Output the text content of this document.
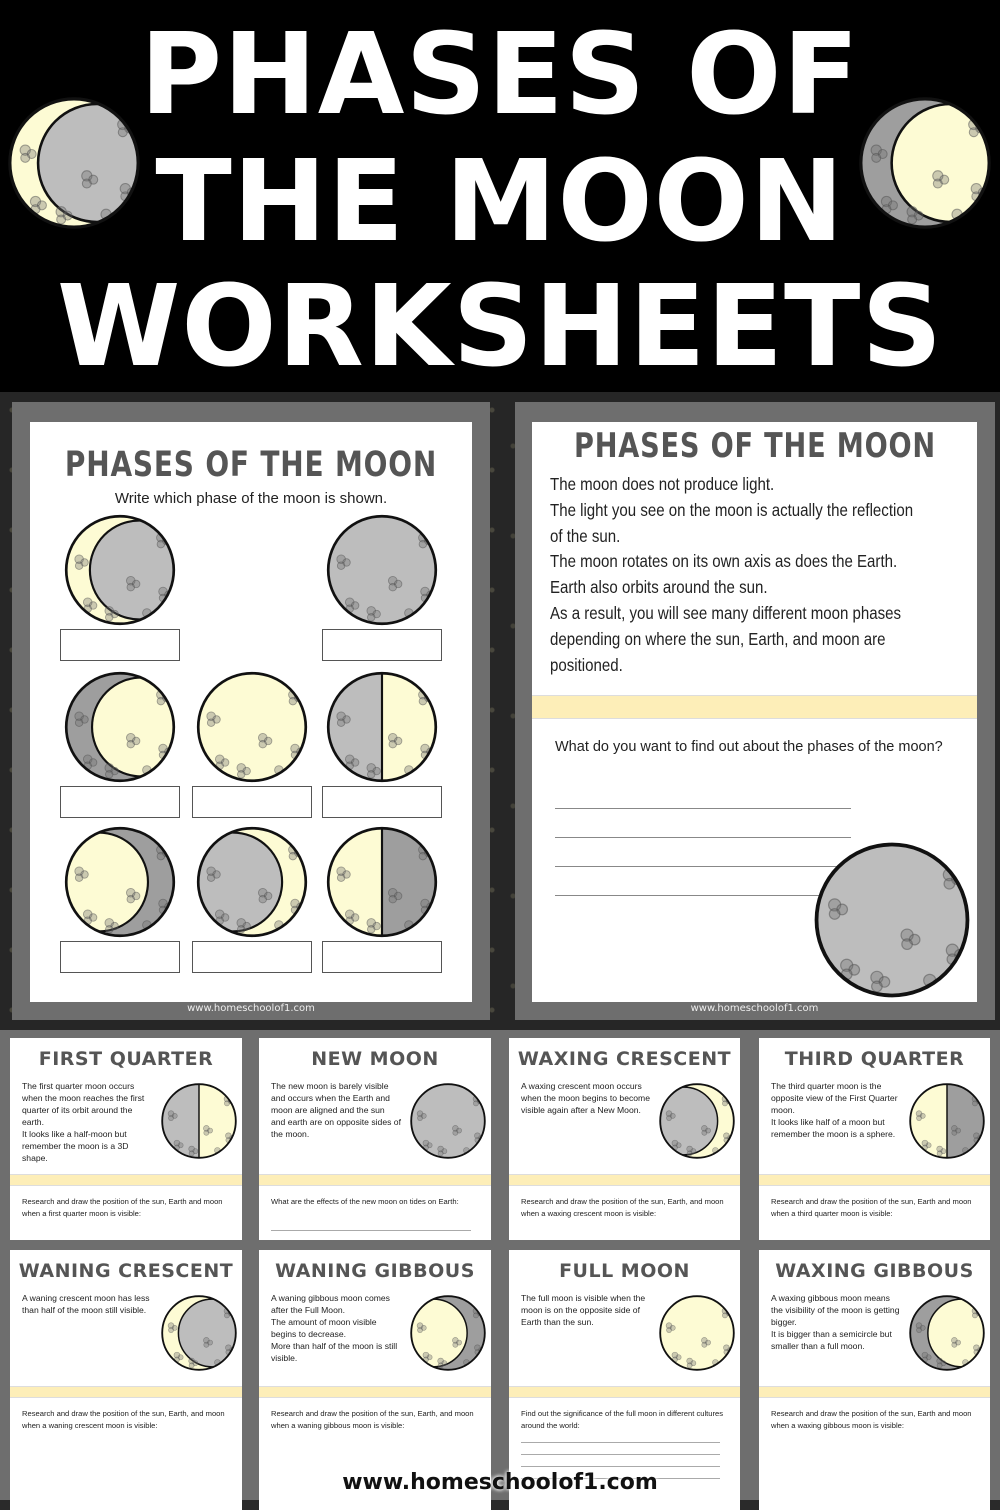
PHASES OF
THE MOON
WORKSHEETS
PHASES OF THE MOON
Write which phase of the moon is shown.
www.homeschoolof1.com
PHASES OF THE MOON
The moon does not produce light.
The light you see on the moon is actually the reflection
of the sun.
The moon rotates on its own axis as does the Earth.
Earth also orbits around the sun.
As a result, you will see many different moon phases
depending on where the sun, Earth, and moon are
positioned.
What do you want to find out about the phases of the moon?
www.homeschoolof1.com
FIRST QUARTER
The first quarter moon occurs when the moon reaches the first quarter of its orbit around the earth.
It looks like a half-moon but remember the moon is a 3D shape.
Research and draw the position of the sun, Earth and moon when a first quarter moon is visible:
NEW MOON
The new moon is barely visible and occurs when the Earth and moon are aligned and the sun and earth are on opposite sides of the moon.
What are the effects of the new moon on tides on Earth:
WAXING CRESCENT
A waxing crescent moon occurs when the moon begins to become visible again after a New Moon.
Research and draw the position of the sun, Earth, and moon when a waxing crescent moon is visible:
THIRD QUARTER
The third quarter moon is the opposite view of the First Quarter moon.
It looks like half of a moon but remember the moon is a sphere.
Research and draw the position of the sun, Earth and moon when a third quarter moon is visible:
WANING CRESCENT
A waning crescent moon has less than half of the moon still visible.
Research and draw the position of the sun, Earth, and moon when a waning crescent moon is visible:
WANING GIBBOUS
A waning gibbous moon comes after the Full Moon.
The amount of moon visible begins to decrease.
More than half of the moon is still visible.
Research and draw the position of the sun, Earth, and moon when a waning gibbous moon is visible:
FULL MOON
The full moon is visible when the moon is on the opposite side of Earth than the sun.
Find out the significance of the full moon in different cultures around the world:
WAXING GIBBOUS
A waxing gibbous moon means the visibility of the moon is getting bigger.
It is bigger than a semicircle but smaller than a full moon.
Research and draw the position of the sun, Earth and moon when a waxing gibbous moon is visible:
www.homeschoolof1.com
